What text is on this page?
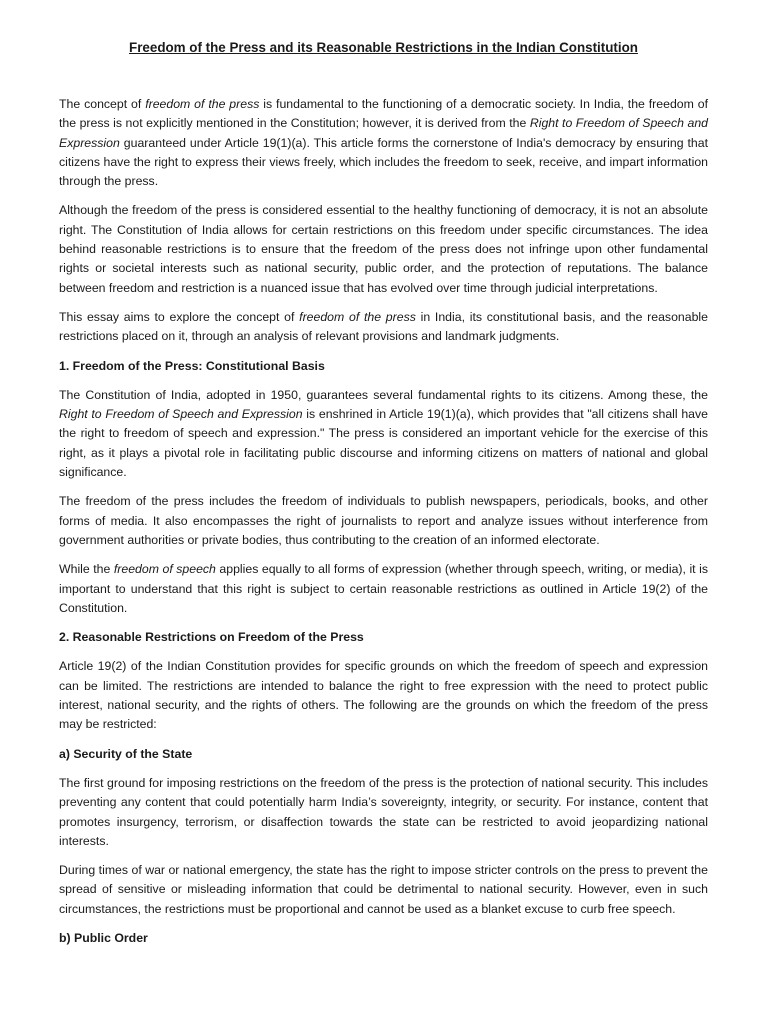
Freedom of the Press and its Reasonable Restrictions in the Indian Constitution

The concept of freedom of the press is fundamental to the functioning of a democratic society. In India, the freedom of the press is not explicitly mentioned in the Constitution; however, it is derived from the Right to Freedom of Speech and Expression guaranteed under Article 19(1)(a). This article forms the cornerstone of India's democracy by ensuring that citizens have the right to express their views freely, which includes the freedom to seek, receive, and impart information through the press.

Although the freedom of the press is considered essential to the healthy functioning of democracy, it is not an absolute right. The Constitution of India allows for certain restrictions on this freedom under specific circumstances. The idea behind reasonable restrictions is to ensure that the freedom of the press does not infringe upon other fundamental rights or societal interests such as national security, public order, and the protection of reputations. The balance between freedom and restriction is a nuanced issue that has evolved over time through judicial interpretations.

This essay aims to explore the concept of freedom of the press in India, its constitutional basis, and the reasonable restrictions placed on it, through an analysis of relevant provisions and landmark judgments.

1. Freedom of the Press: Constitutional Basis

The Constitution of India, adopted in 1950, guarantees several fundamental rights to its citizens. Among these, the Right to Freedom of Speech and Expression is enshrined in Article 19(1)(a), which provides that "all citizens shall have the right to freedom of speech and expression." The press is considered an important vehicle for the exercise of this right, as it plays a pivotal role in facilitating public discourse and informing citizens on matters of national and global significance.

The freedom of the press includes the freedom of individuals to publish newspapers, periodicals, books, and other forms of media. It also encompasses the right of journalists to report and analyze issues without interference from government authorities or private bodies, thus contributing to the creation of an informed electorate.

While the freedom of speech applies equally to all forms of expression (whether through speech, writing, or media), it is important to understand that this right is subject to certain reasonable restrictions as outlined in Article 19(2) of the Constitution.

2. Reasonable Restrictions on Freedom of the Press

Article 19(2) of the Indian Constitution provides for specific grounds on which the freedom of speech and expression can be limited. The restrictions are intended to balance the right to free expression with the need to protect public interest, national security, and the rights of others. The following are the grounds on which the freedom of the press may be restricted:

a) Security of the State

The first ground for imposing restrictions on the freedom of the press is the protection of national security. This includes preventing any content that could potentially harm India’s sovereignty, integrity, or security. For instance, content that promotes insurgency, terrorism, or disaffection towards the state can be restricted to avoid jeopardizing national interests.

During times of war or national emergency, the state has the right to impose stricter controls on the press to prevent the spread of sensitive or misleading information that could be detrimental to national security. However, even in such circumstances, the restrictions must be proportional and cannot be used as a blanket excuse to curb free speech.

b) Public Order
